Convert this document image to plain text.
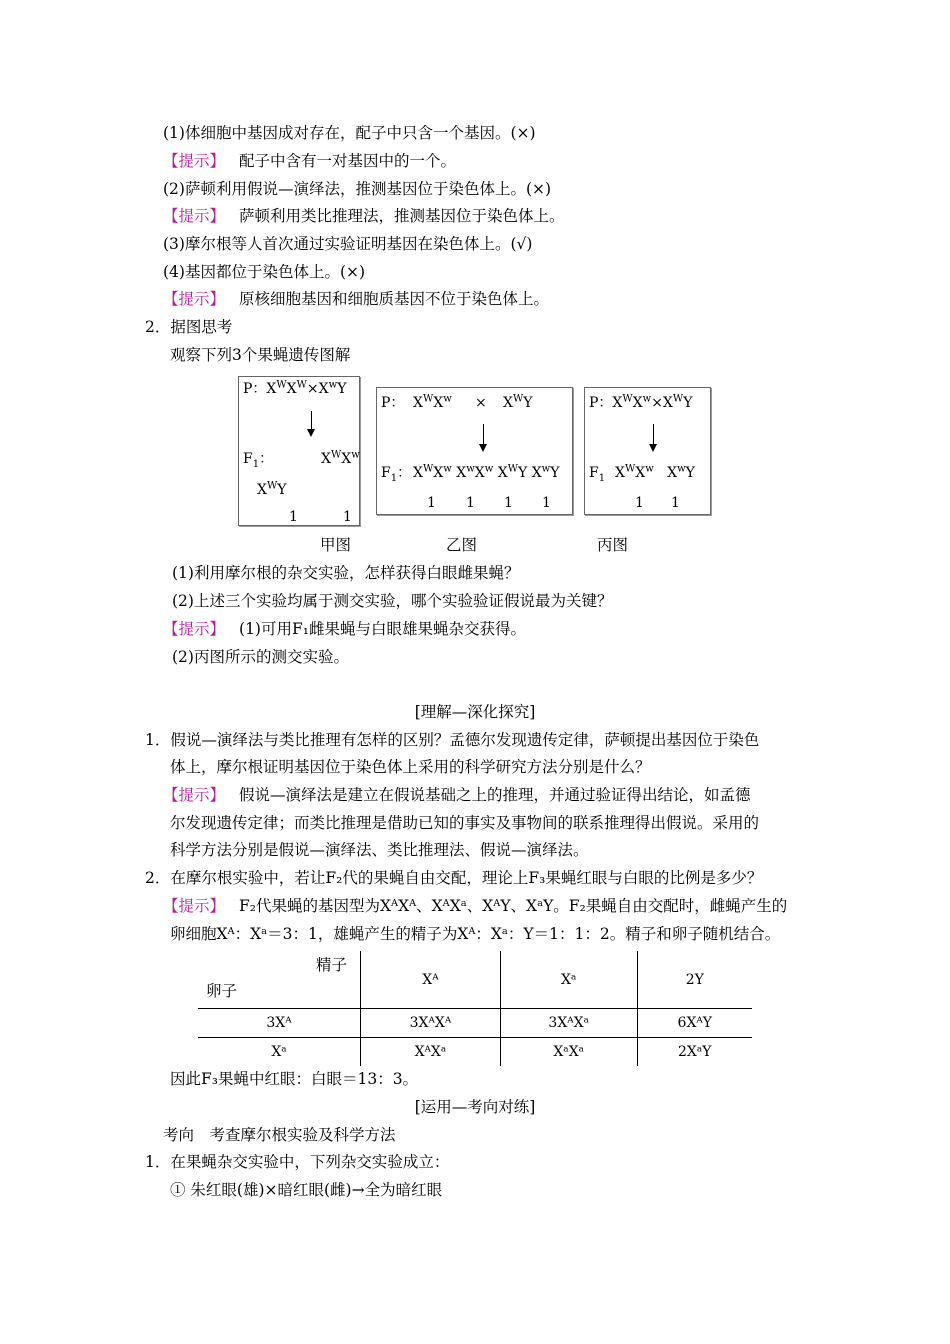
(1)体细胞中基因成对存在，配子中只含一个基因。(×)
【提示】 配子中含有一对基因中的一个。
(2)萨顿利用假说—演绎法，推测基因位于染色体上。(×)
【提示】 萨顿利用类比推理法，推测基因位于染色体上。
(3)摩尔根等人首次通过实验证明基因在染色体上。(√)
(4)基因都位于染色体上。(×)
【提示】 原核细胞基因和细胞质基因不位于染色体上。
2．据图思考
观察下列3个果蝇遗传图解
P：$X^WX^W\times X^wY$
$F_1$：	$X^WX^w$
$X^WY$
1	1
P： $X^WX^w \times X^WY$
$F_1$： $X^WX^w$ $X^wX^w$ $X^WY$ $X^wY$
1 1 1 1
P：$X^WX^w\times X^WY$
$F_1$ $X^WX^w$   $X^wY$
1 1
甲图	乙图	丙图
(1)利用摩尔根的杂交实验，怎样获得白眼雌果蝇？
(2)上述三个实验均属于测交实验，哪个实验验证假说最为关键？
【提示】 (1)可用F₁雌果蝇与白眼雄果蝇杂交获得。
(2)丙图所示的测交实验。
[理解—深化探究]
1．假说—演绎法与类比推理有怎样的区别？孟德尔发现遗传定律，萨顿提出基因位于染色
体上，摩尔根证明基因位于染色体上采用的科学研究方法分别是什么？
【提示】 假说—演绎法是建立在假说基础之上的推理，并通过验证得出结论，如孟德
尔发现遗传定律；而类比推理是借助已知的事实及事物间的联系推理得出假说。采用的
科学方法分别是假说—演绎法、类比推理法、假说—演绎法。
2．在摩尔根实验中，若让F₂代的果蝇自由交配，理论上F₃果蝇红眼与白眼的比例是多少？
【提示】 F₂代果蝇的基因型为XᴬXᴬ、XᴬXᵃ、XᴬY、XᵃY。F₂果蝇自由交配时，雌蝇产生的
卵细胞Xᴬ：Xᵃ＝3：1，雄蝇产生的精子为Xᴬ：Xᵃ：Y＝1：1：2。精子和卵子随机结合。
精子
卵子	Xᴬ	Xᵃ	2Y
3Xᴬ	3XᴬXᴬ	3XᴬXᵃ	6XᴬY
Xᵃ	XᴬXᵃ	XᵃXᵃ	2XᵃY
因此F₃果蝇中红眼：白眼＝13：3。
[运用—考向对练]
考向　考查摩尔根实验及科学方法
1．在果蝇杂交实验中，下列杂交实验成立：
① 朱红眼(雄)×暗红眼(雌)→全为暗红眼
